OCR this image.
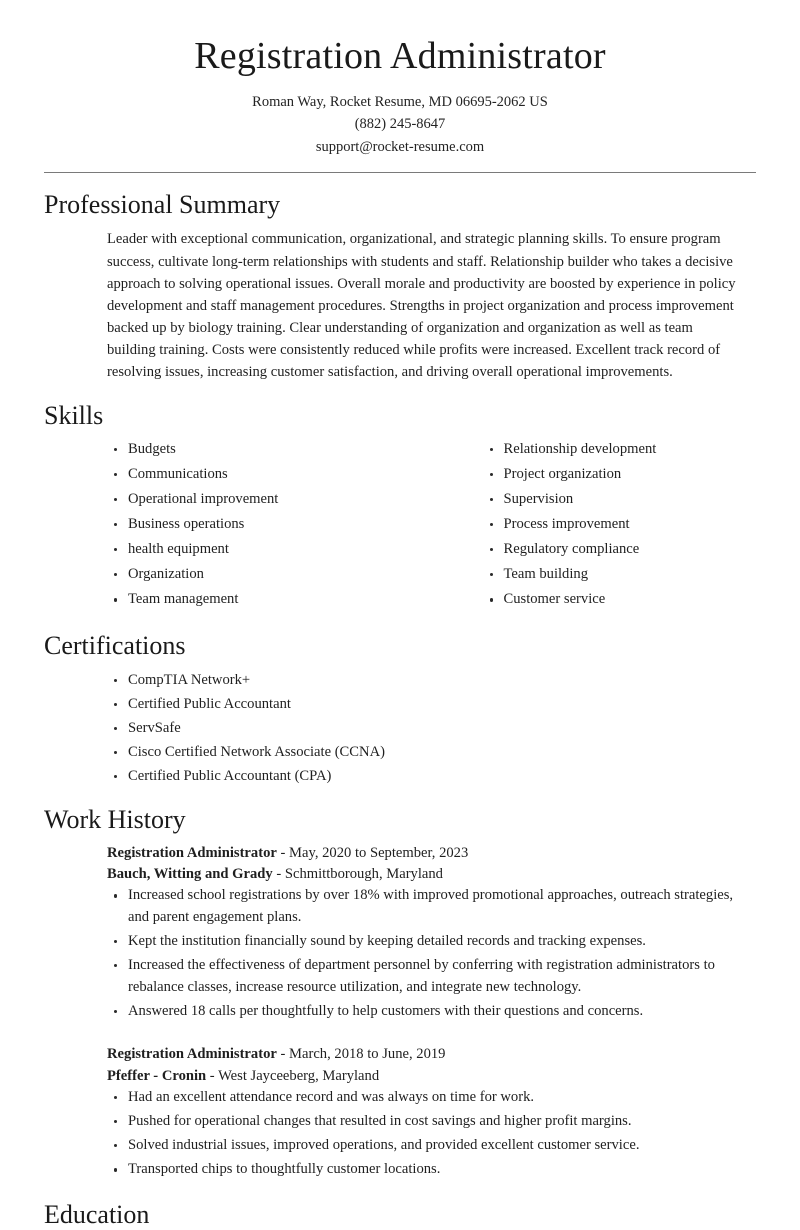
Registration Administrator
Roman Way, Rocket Resume, MD 06695-2062 US
(882) 245-8647
support@rocket-resume.com
Professional Summary

Leader with exceptional communication, organizational, and strategic planning skills. To ensure program success, cultivate long-term relationships with students and staff. Relationship builder who takes a decisive approach to solving operational issues. Overall morale and productivity are boosted by experience in policy development and staff management procedures. Strengths in project organization and process improvement backed up by biology training. Clear understanding of organization and organization as well as team building training. Costs were consistently reduced while profits were increased. Excellent track record of resolving issues, increasing customer satisfaction, and driving overall operational improvements.

Skills
Budgets
Communications
Operational improvement
Business operations
health equipment
Organization
Team management
Relationship development
Project organization
Supervision
Process improvement
Regulatory compliance
Team building
Customer service
Certifications
CompTIA Network+
Certified Public Accountant
ServSafe
Cisco Certified Network Associate (CCNA)
Certified Public Accountant (CPA)
Work History
Registration Administrator - May, 2020 to September, 2023
Bauch, Witting and Grady - Schmittborough, Maryland
Increased school registrations by over 18% with improved promotional approaches, outreach strategies, and parent engagement plans.
Kept the institution financially sound by keeping detailed records and tracking expenses.
Increased the effectiveness of department personnel by conferring with registration administrators to rebalance classes, increase resource utilization, and integrate new technology.
Answered 18 calls per thoughtfully to help customers with their questions and concerns.
Registration Administrator - March, 2018 to June, 2019
Pfeffer - Cronin - West Jayceeberg, Maryland
Had an excellent attendance record and was always on time for work.
Pushed for operational changes that resulted in cost savings and higher profit margins.
Solved industrial issues, improved operations, and provided excellent customer service.
Transported chips to thoughtfully customer locations.
Education
